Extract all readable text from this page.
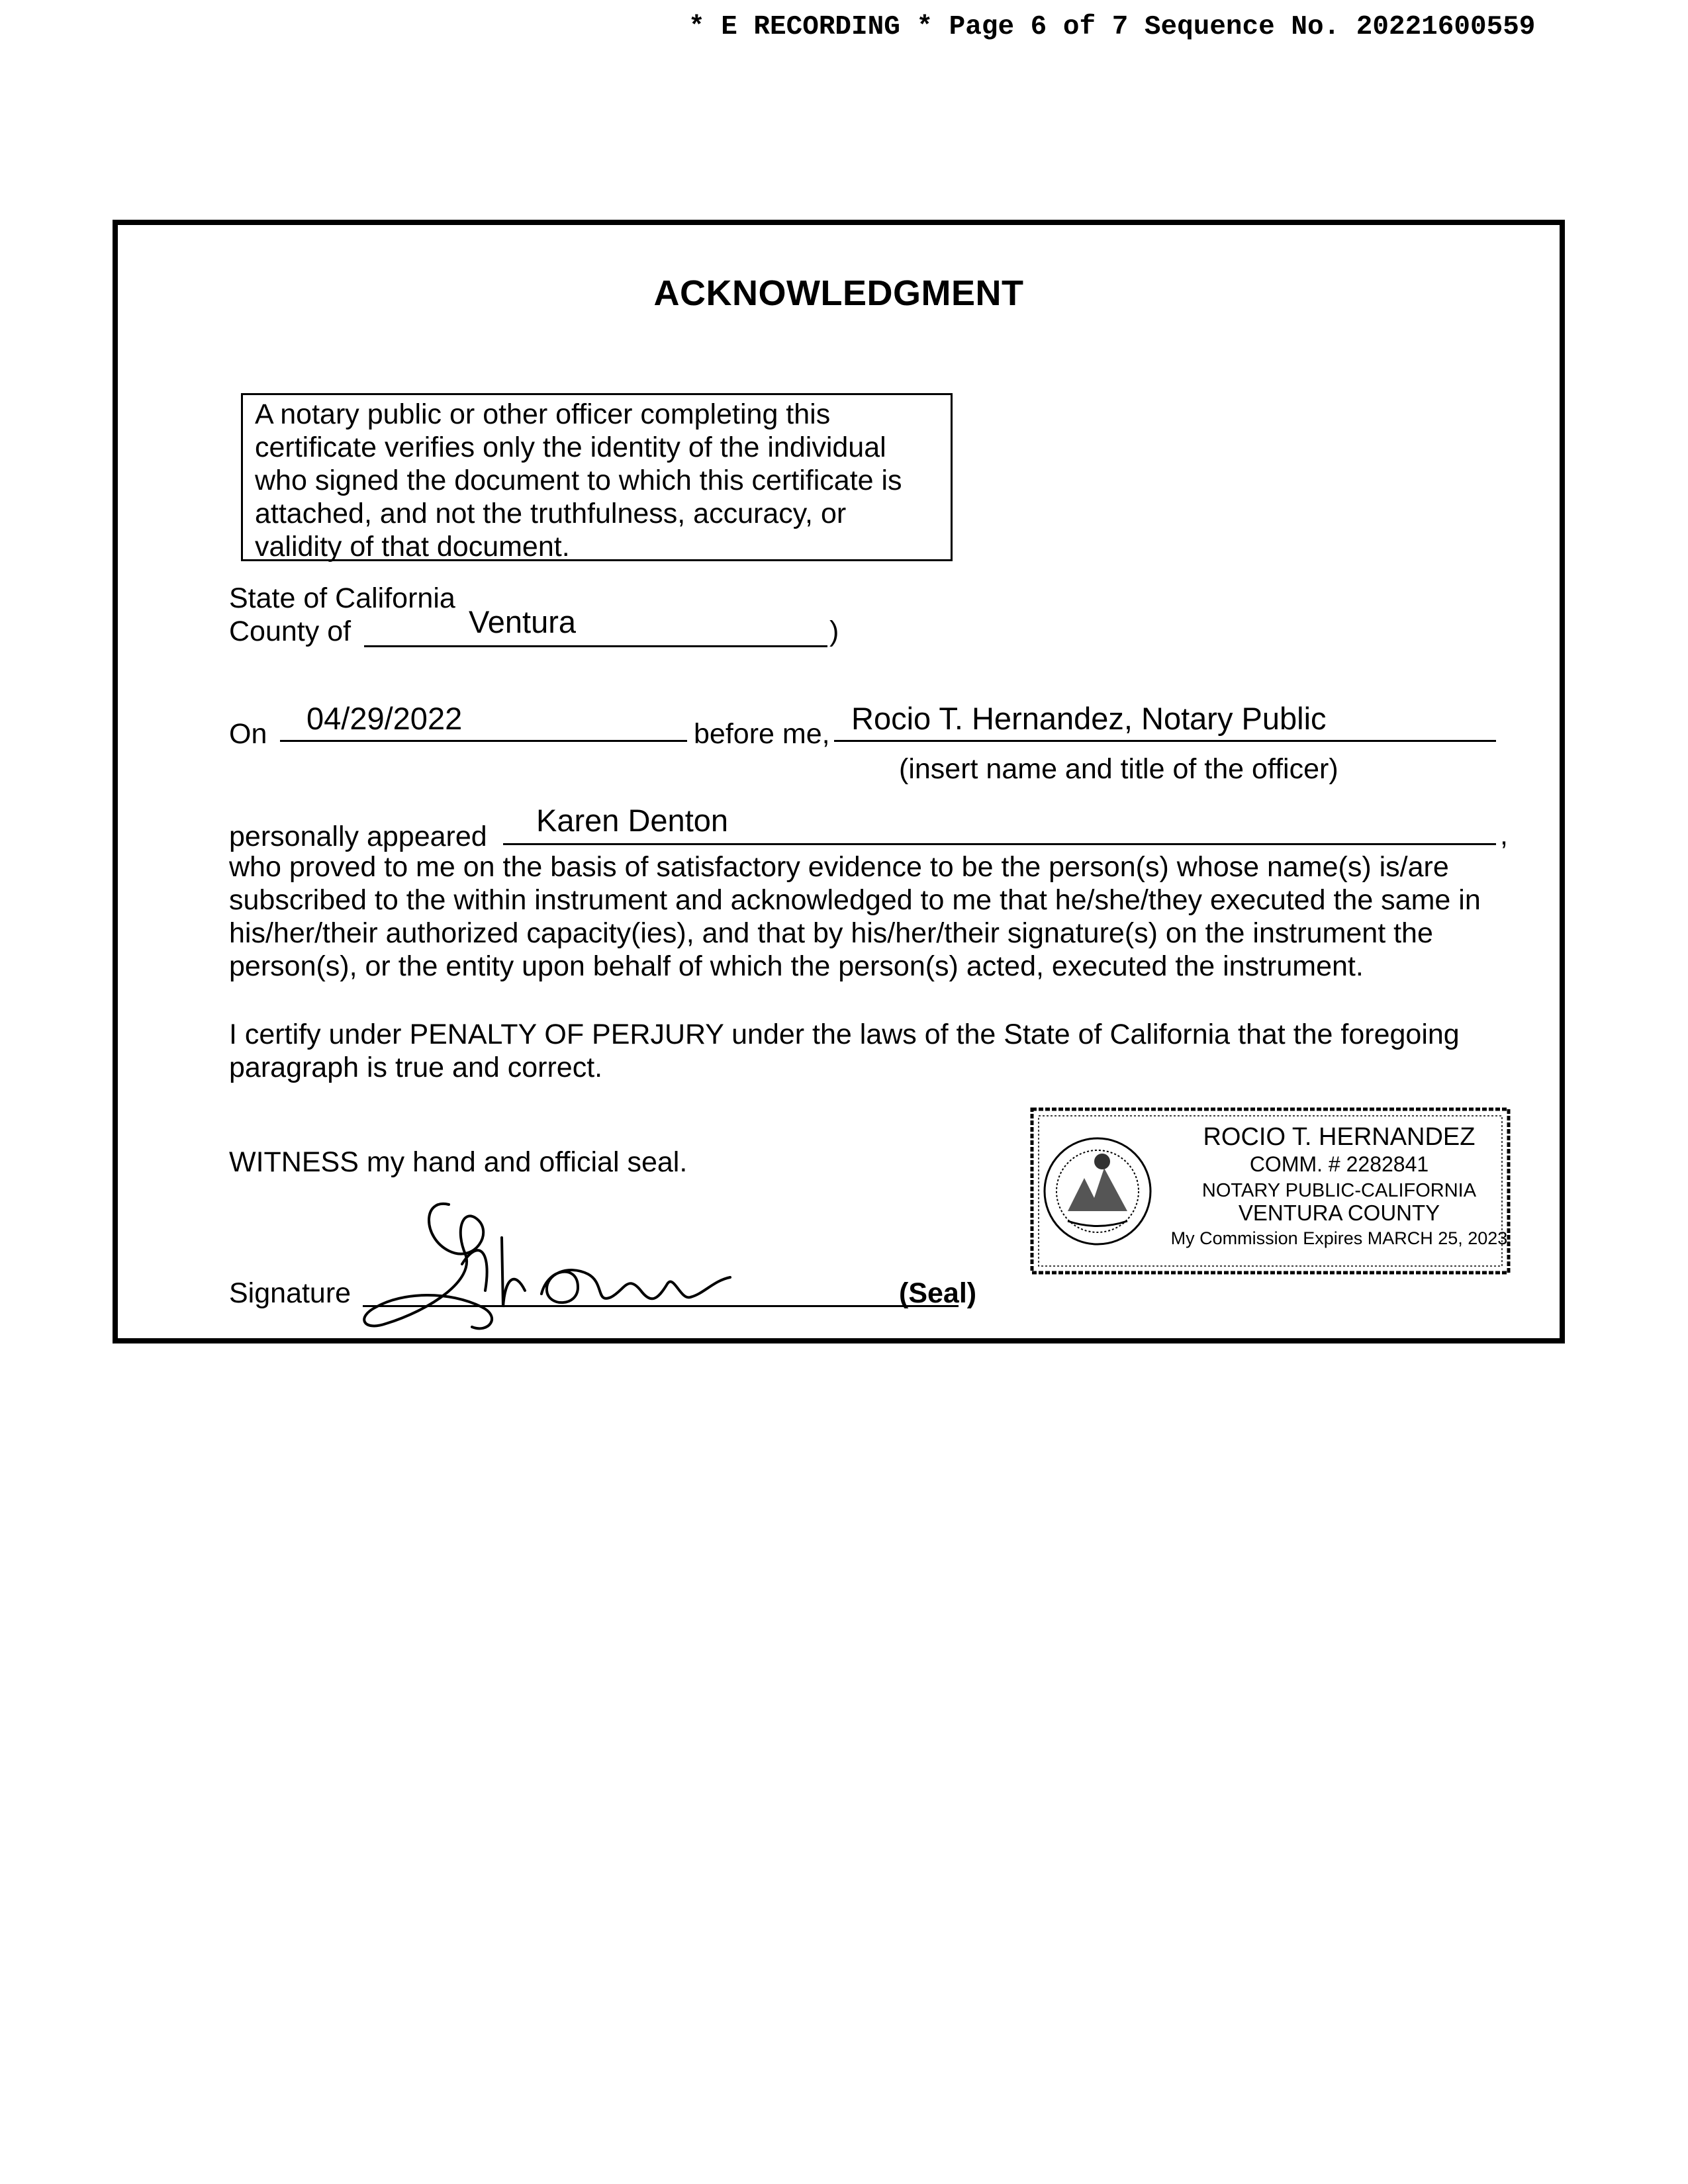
* E RECORDING * Page 6 of 7 Sequence No. 20221600559
ACKNOWLEDGMENT
A notary public or other officer completing this
certificate verifies only the identity of the individual
who signed the document to which this certificate is
attached, and not the truthfulness, accuracy, or
validity of that document.
State of California
County of	Ventura	)
On 04/29/2022	before me, Rocio T. Hernandez, Notary Public
(insert name and title of the officer)
personally appeared Karen Denton	,
who proved to me on the basis of satisfactory evidence to be the person(s) whose name(s) is/are
subscribed to the within instrument and acknowledged to me that he/she/they executed the same in
his/her/their authorized capacity(ies), and that by his/her/their signature(s) on the instrument the
person(s), or the entity upon behalf of which the person(s) acted, executed the instrument.
I certify under PENALTY OF PERJURY under the laws of the State of California that the foregoing
paragraph is true and correct.
WITNESS my hand and official seal.
Signature	(Seal)
ROCIO T. HERNANDEZ
COMM. # 2282841
NOTARY PUBLIC-CALIFORNIA
VENTURA COUNTY
My Commission Expires MARCH 25, 2023
